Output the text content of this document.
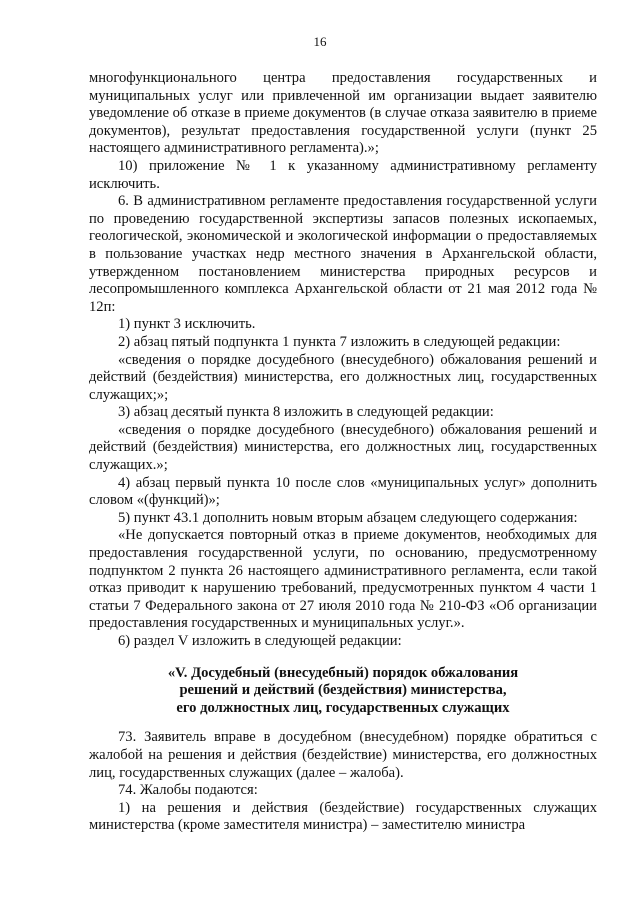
16

многофункционального центра предоставления государственных и муниципальных услуг или привлеченной им организации выдает заявителю уведомление об отказе в приеме документов (в случае отказа заявителю в приеме документов), результат предоставления государственной услуги (пункт 25 настоящего административного регламента).»;

10) приложение № 1 к указанному административному регламенту исключить.

6. В административном регламенте предоставления государственной услуги по проведению государственной экспертизы запасов полезных ископаемых, геологической, экономической и экологической информации о предоставляемых в пользование участках недр местного значения в Архангельской области, утвержденном постановлением министерства природных ресурсов и лесопромышленного комплекса Архангельской области от 21 мая 2012 года № 12п:

1) пункт 3 исключить.

2) абзац пятый подпункта 1 пункта 7 изложить в следующей редакции:

«сведения о порядке досудебного (внесудебного) обжалования решений и действий (бездействия) министерства, его должностных лиц, государственных служащих;»;

3) абзац десятый пункта 8 изложить в следующей редакции:

«сведения о порядке досудебного (внесудебного) обжалования решений и действий (бездействия) министерства, его должностных лиц, государственных служащих.»;

4) абзац первый пункта 10 после слов «муниципальных услуг» дополнить словом «(функций)»;

5) пункт 43.1 дополнить новым вторым абзацем следующего содержания:

«Не допускается повторный отказ в приеме документов, необходимых для предоставления государственной услуги, по основанию, предусмотренному подпунктом 2 пункта 26 настоящего административного регламента, если такой отказ приводит к нарушению требований, предусмотренных пунктом 4 части 1 статьи 7 Федерального закона от 27 июля 2010 года № 210-ФЗ «Об организации предоставления государственных и муниципальных услуг.».

6) раздел V изложить в следующей редакции:

«V. Досудебный (внесудебный) порядок обжалования
решений и действий (бездействия) министерства,
его должностных лиц, государственных служащих

73. Заявитель вправе в досудебном (внесудебном) порядке обратиться с жалобой на решения и действия (бездействие) министерства, его должностных лиц, государственных служащих (далее – жалоба).

74. Жалобы подаются:

1) на решения и действия (бездействие) государственных служащих министерства (кроме заместителя министра) – заместителю министра
